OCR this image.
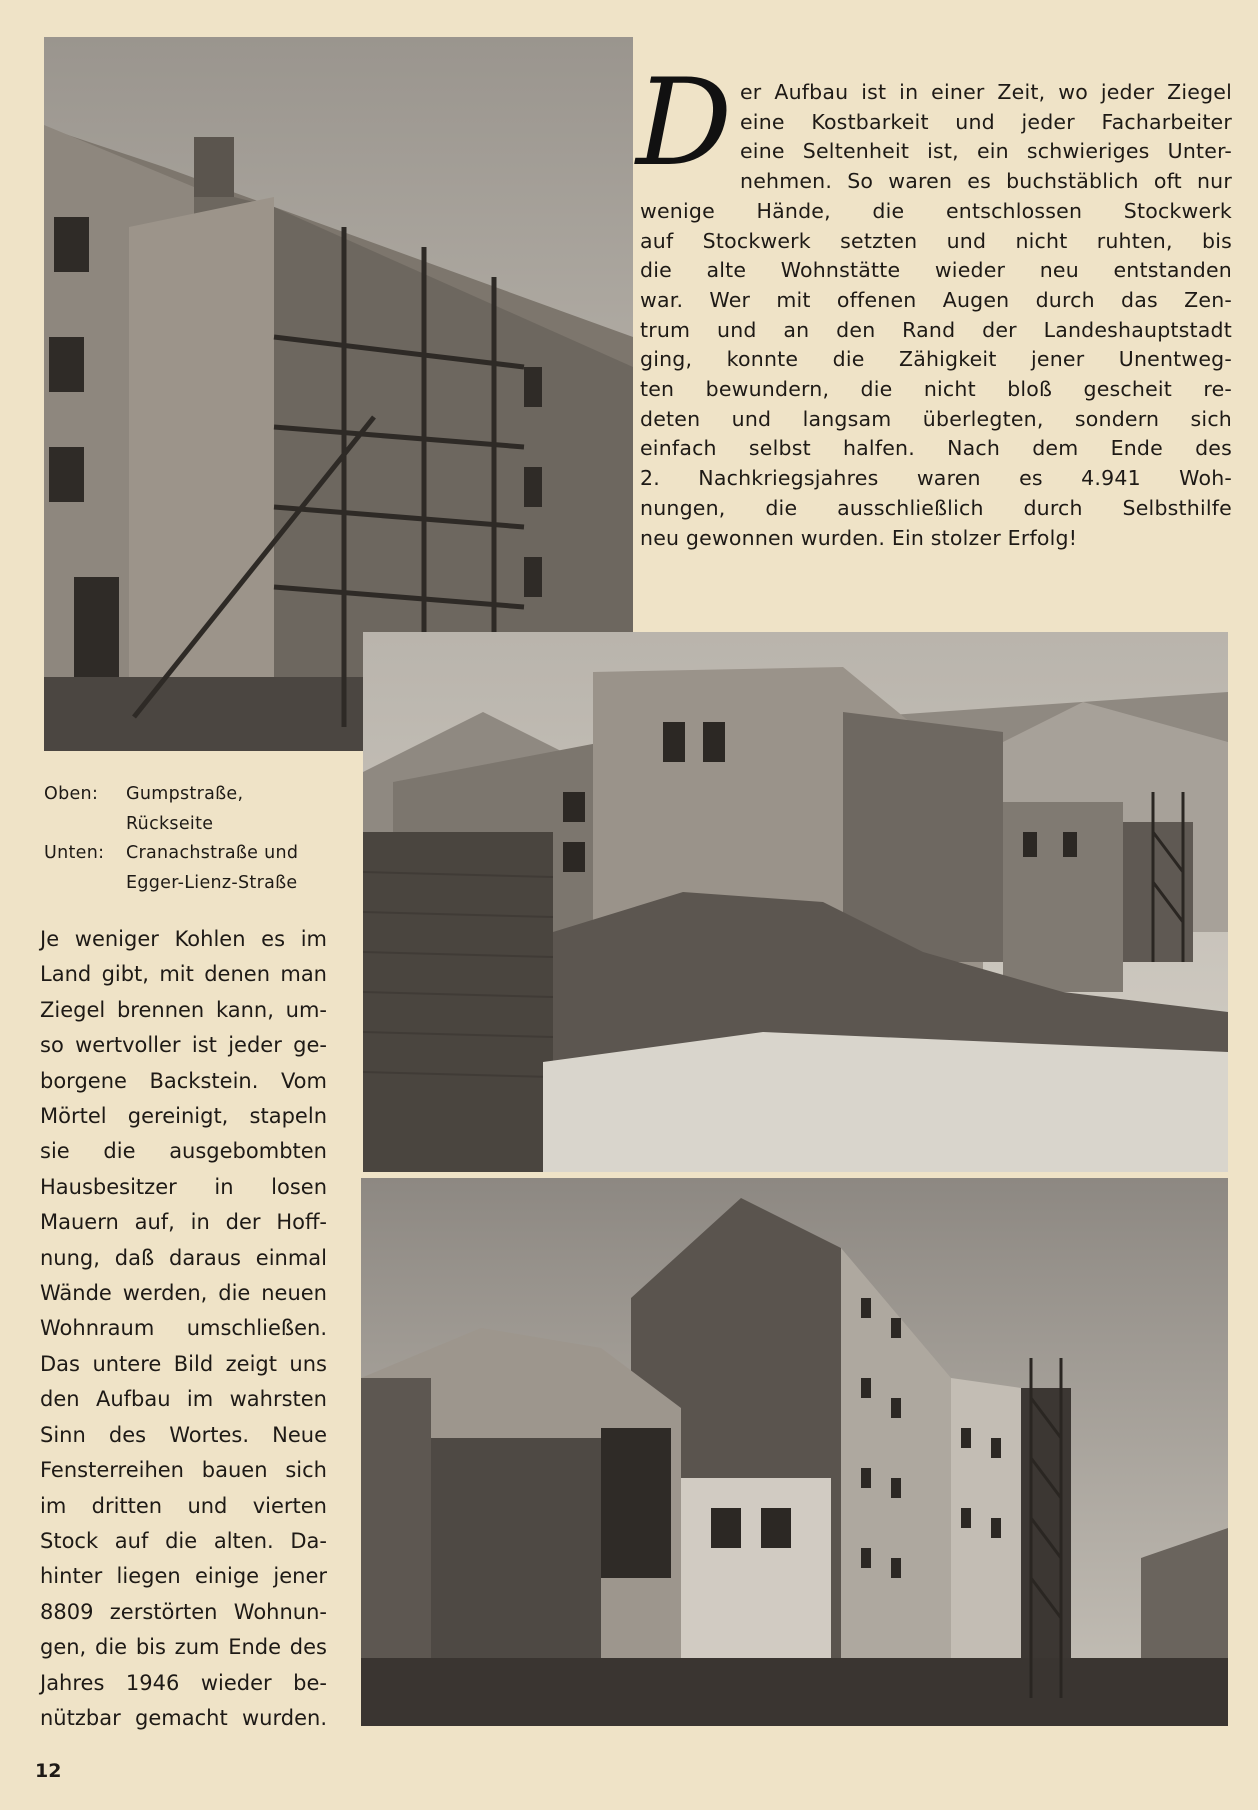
D er Aufbau ist in einer Zeit, wo jeder Ziegel
eine Kostbarkeit und jeder Facharbeiter
eine Seltenheit ist, ein schwieriges Unter-
nehmen. So waren es buchstäblich oft nur
wenige Hände, die entschlossen Stockwerk
auf Stockwerk setzten und nicht ruhten, bis
die alte Wohnstätte wieder neu entstanden
war. Wer mit offenen Augen durch das Zen-
trum und an den Rand der Landeshauptstadt
ging, konnte die Zähigkeit jener Unentweg-
ten bewundern, die nicht bloß gescheit re-
deten und langsam überlegten, sondern sich
einfach selbst halfen. Nach dem Ende des
2. Nachkriegsjahres waren es 4.941 Woh-
nungen, die ausschließlich durch Selbsthilfe
neu gewonnen wurden. Ein stolzer Erfolg!
Oben:	Gumpstraße,
Rückseite
Unten:	Cranachstraße und
Egger-Lienz-Straße
Je weniger Kohlen es im
Land gibt, mit denen man
Ziegel brennen kann, um-
so wertvoller ist jeder ge-
borgene Backstein. Vom
Mörtel gereinigt, stapeln
sie die ausgebombten
Hausbesitzer in losen
Mauern auf, in der Hoff-
nung, daß daraus einmal
Wände werden, die neuen
Wohnraum umschließen.
Das untere Bild zeigt uns
den Aufbau im wahrsten
Sinn des Wortes. Neue
Fensterreihen bauen sich
im dritten und vierten
Stock auf die alten. Da-
hinter liegen einige jener
8809 zerstörten Wohnun-
gen, die bis zum Ende des
Jahres 1946 wieder be-
nützbar gemacht wurden.
12
